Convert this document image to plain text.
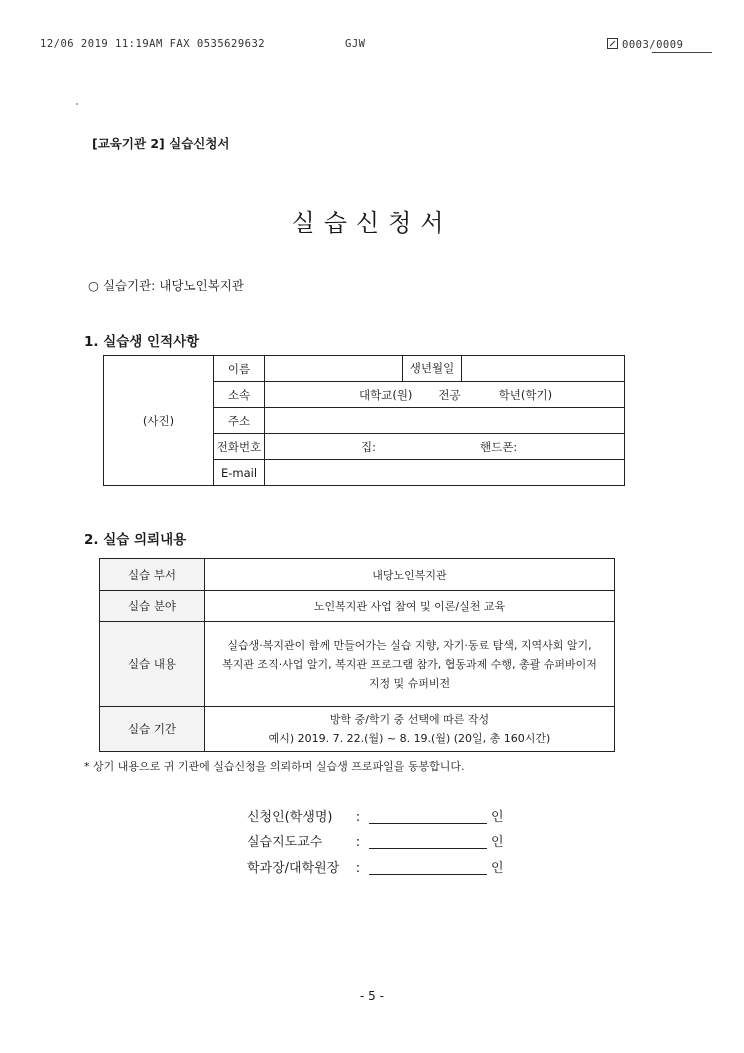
12/06 2019 11:19AM FAX 0535629632	GJW	0003/0009
[교육기관 2] 실습신청서
실습신청서
○ 실습기관: 내당노인복지관
1. 실습생 인적사항
(사진)	이름	생년월일

	소속	대학교(원) 전공 학년(학기)

	주소	
	전화번호	집: 핸드폰:

	E-mail	
2. 실습 의뢰내용
실습 부서	내당노인복지관
실습 분야	노인복지관 사업 참여 및 이론/실천 교육
실습 내용	실습생·복지관이 함께 만들어가는 실습 지향, 자기·동료 탐색, 지역사회 알기,
복지관 조직·사업 알기, 복지관 프로그램 참가, 협동과제 수행, 총괄 슈퍼바이저
지정 및 슈퍼비전

실습 기간	방학 중/학기 중 선택에 따른 작성
예시) 2019. 7. 22.(월) ~ 8. 19.(월) (20일, 총 160시간)
* 상기 내용으로 귀 기관에 실습신청을 의뢰하며 실습생 프로파일을 동봉합니다.
신청인(학생명) :	인
실습지도교수	:	인
학과장/대학원장 :	인
- 5 -
